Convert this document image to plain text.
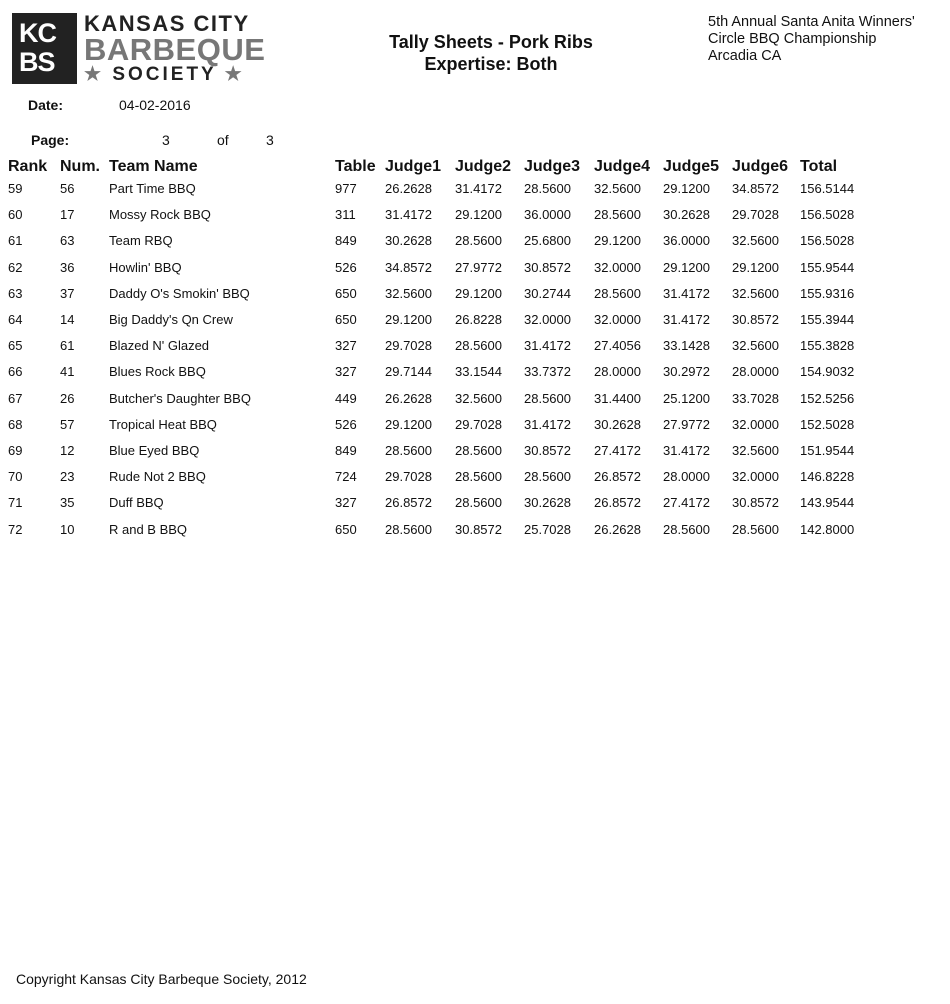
KC
BS
KANSAS CITY
BARBEQUE
★ SOCIETY ★
Tally Sheets - Pork Ribs
Expertise: Both
5th Annual Santa Anita Winners'
Circle BBQ Championship
Arcadia CA
Date:	04-02-2016
Page:	3	of	3
Rank Num. Team Name	Table Judge1 Judge2 Judge3 Judge4 Judge5 Judge6 Total
59	56	Part Time BBQ	977 26.2628 31.4172 28.5600 32.5600 29.1200 34.8572 156.5144
60	17	Mossy Rock BBQ	311 31.4172 29.1200 36.0000 28.5600 30.2628 29.7028 156.5028
61	63	Team RBQ	849 30.2628 28.5600 25.6800 29.1200 36.0000 32.5600 156.5028
62	36	Howlin' BBQ	526 34.8572 27.9772 30.8572 32.0000 29.1200 29.1200 155.9544
63	37	Daddy O's Smokin' BBQ	650 32.5600 29.1200 30.2744 28.5600 31.4172 32.5600 155.9316
64	14	Big Daddy's Qn Crew	650 29.1200 26.8228 32.0000 32.0000 31.4172 30.8572 155.3944
65	61	Blazed N' Glazed	327 29.7028 28.5600 31.4172 27.4056 33.1428 32.5600 155.3828
66	41	Blues Rock BBQ	327 29.7144 33.1544 33.7372 28.0000 30.2972 28.0000 154.9032
67	26	Butcher's Daughter BBQ	449 26.2628 32.5600 28.5600 31.4400 25.1200 33.7028 152.5256
68	57	Tropical Heat BBQ	526 29.1200 29.7028 31.4172 30.2628 27.9772 32.0000 152.5028
69	12	Blue Eyed BBQ	849 28.5600 28.5600 30.8572 27.4172 31.4172 32.5600 151.9544
70	23	Rude Not 2 BBQ	724 29.7028 28.5600 28.5600 26.8572 28.0000 32.0000 146.8228
71	35	Duff BBQ	327 26.8572 28.5600 30.2628 26.8572 27.4172 30.8572 143.9544
72	10	R and B BBQ	650 28.5600 30.8572 25.7028 26.2628 28.5600 28.5600 142.8000
Copyright Kansas City Barbeque Society, 2012
